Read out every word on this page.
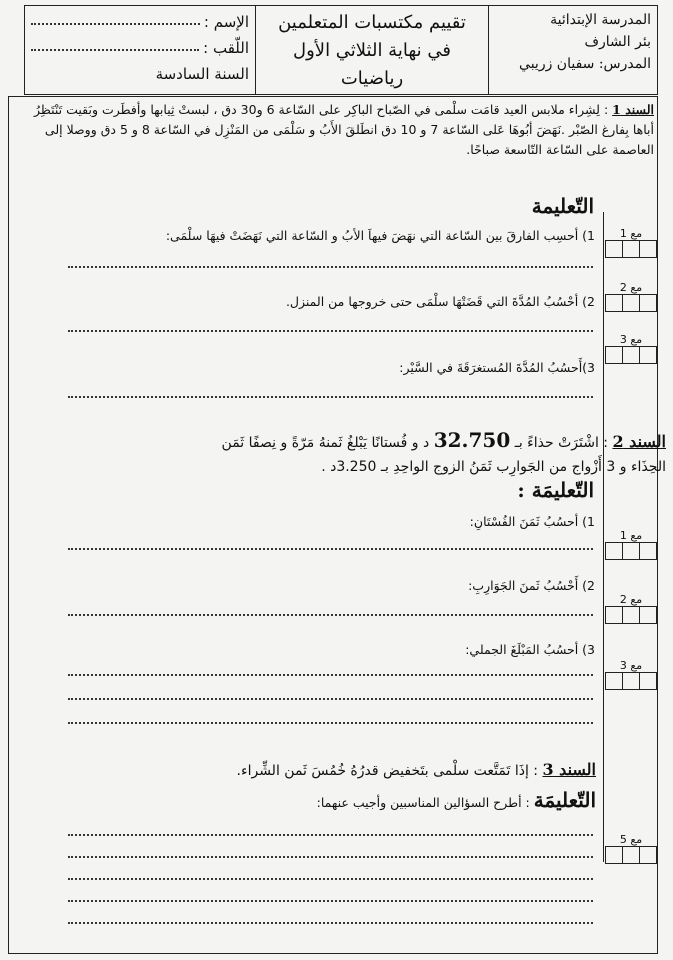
المدرسة الإبتدائية
بئر الشارف
المدرس: سفيان زريبي
تقييم مكتسبات المتعلمين
في نهاية الثلاثي الأول
رياضيات
الإسم :
اللّقب :
السنة السادسة
السند 1 : لِشِراء ملابس العيد قامَت سلْمى في الصّباح الباكِر على السّاعة 6 و30 دق ، لبستْ ثِيابها وأفطَرت وبَقيت تَنْتَظِرُ أباها بِفارغ الصّبْر .نَهَضَ أبُوهَا عَلى السّاعة 7 و 10 دق انطَلقَ الأَبُ و سَلْمَى من المَنْزِل في السّاعة 8 و 5 دق ووصلا إلى العاصمة على السّاعة التّاسعة صباحًا.
التّعليمة
1) أحسِب الفارقَ بين السّاعة التي نهَضَ فيهاَ الأبُ و السّاعة التي نَهَضَتْ فيهَا سلْمَى:
2) أحْسُبُ المُدَّةَ التي قَضَتْهَا سلْمَى حتى خروجها من المنزل.
3)أَحسُبُ المُدَّةَ المُستغرَقَةَ في السَّيْر:
السند 2 : اشْتَرَتْ حذاءً بـ 32.750 د و فُستانًا يَبْلغُ ثَمنهُ مَرّةً و نِصفًا ثَمَن
الحِذَاء و 3 أَزْواج من الجَوارِب ثَمَنُ الزوج الواحِدِ بـ 3.250د .
التّعليمَة :
1) أحسُبُ ثَمَنَ الفُسْتَانِ:
2) أَحْسُبُ ثَمنَ الجَوَارِبِ:
3) أحسُبُ المَبْلَغَ الجملي:
السند 3 : إذَا تَمَتَّعت سلْمى بتَخفيض قدرُهُ خُمُسَ ثَمن الشِّراء.
التّعليمَة : أطرح السؤالين المناسبين وأجيب عنهما:
مع 1
مع 2
مع 3
مع 1
مع 2
مع 3
مع 5
